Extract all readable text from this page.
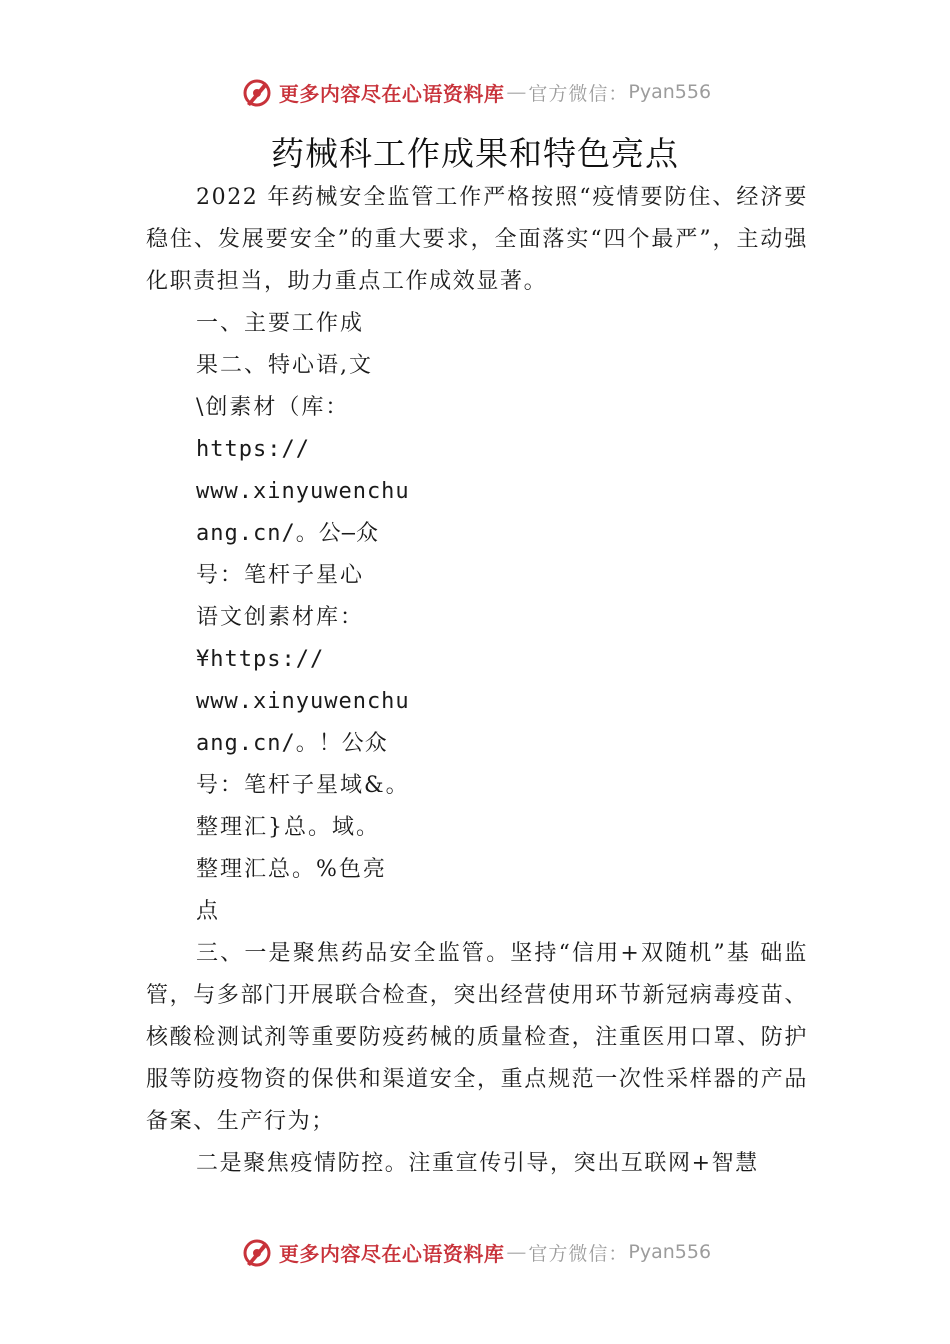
更多内容尽在心语资料库 — 官方微信： Pyan556
药械科工作成果和特色亮点

2022 年药械安全监管工作严格按照“疫情要防住、经济要稳住、发展要安全”的重大要求，全面落实“四个最严”，主动强化职责担当，助力重点工作成效显著。

一、主要工作成

果二、特心语,文

\创素材（库：

https://

www.xinyuwenchu

ang.cn/。公—众

号：笔杆子星心

语文创素材库：

¥https://

www.xinyuwenchu

ang.cn/。！公众

号：笔杆子星域&。

整理汇}总。域。

整理汇总。%色亮

点

三、一是聚焦药品安全监管。坚持“信用+双随机”基 础监管，与多部门开展联合检查，突出经营使用环节新冠病毒疫苗、核酸检测试剂等重要防疫药械的质量检查，注重医用口罩、防护服等防疫物资的保供和渠道安全，重点规范一次性采样器的产品备案、生产行为；

二是聚焦疫情防控。注重宣传引导，突出互联网+智慧

更多内容尽在心语资料库 — 官方微信： Pyan556
